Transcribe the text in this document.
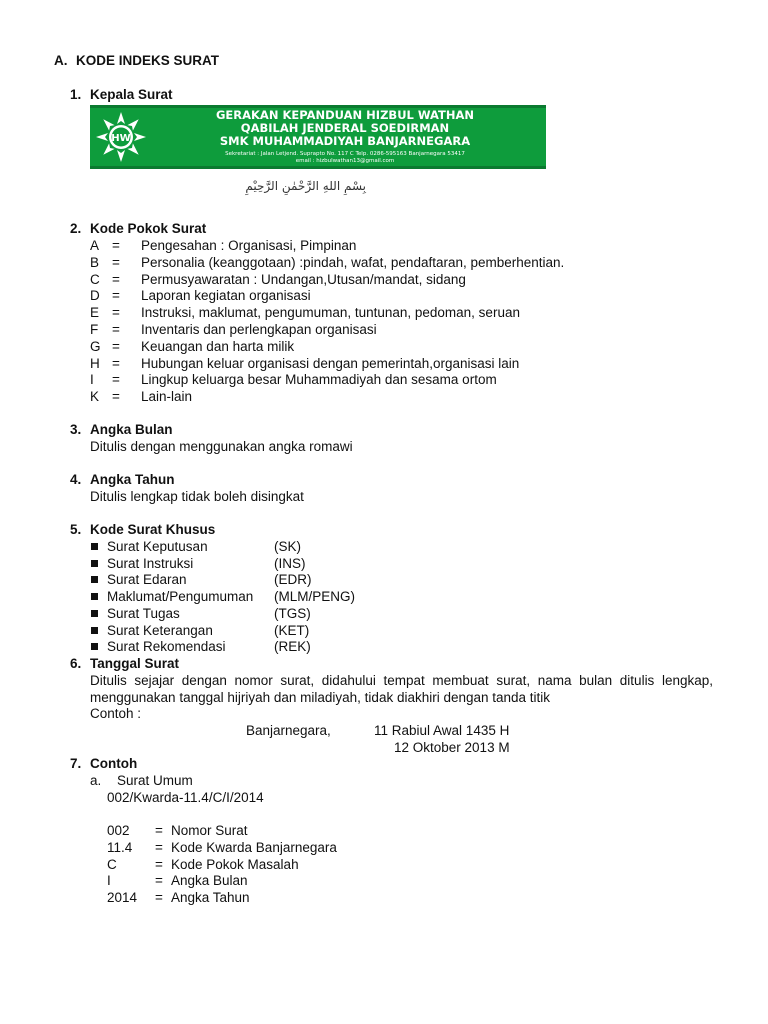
A. KODE INDEKS SURAT
1. Kepala Surat
HW
GERAKAN KEPANDUAN HIZBUL WATHAN
QABILAH JENDERAL SOEDIRMAN
SMK MUHAMMADIYAH BANJARNEGARA
Sekretariat : Jalan Letjend. Suprapto No. 117 C Telp. 0286-595163 Banjarnegara 53417
email : hizbulwathan13@gmail.com
بِسْمِ اللهِ الرَّحْمٰنِ الرَّحِيْمِ
2. Kode Pokok Surat
A = Pengesahan : Organisasi, Pimpinan
B = Personalia (keanggotaan) :pindah, wafat, pendaftaran, pemberhentian.
C = Permusyawaratan : Undangan,Utusan/mandat, sidang
D = Laporan kegiatan organisasi
E = Instruksi, maklumat, pengumuman, tuntunan, pedoman, seruan
F = Inventaris dan perlengkapan organisasi
G = Keuangan dan harta milik
H = Hubungan keluar organisasi dengan pemerintah,organisasi lain
I = Lingkup keluarga besar Muhammadiyah dan sesama ortom
K = Lain-lain
3. Angka Bulan
Ditulis dengan menggunakan angka romawi
4. Angka Tahun
Ditulis lengkap tidak boleh disingkat
5. Kode Surat Khusus
Surat Keputusan	(SK)
Surat Instruksi	(INS)
Surat Edaran	(EDR)
Maklumat/Pengumuman (MLM/PENG)
Surat Tugas	(TGS)
Surat Keterangan	(KET)
Surat Rekomendasi	(REK)
6. Tanggal Surat
Ditulis sejajar dengan nomor surat, didahului tempat membuat surat, nama bulan ditulis lengkap,
menggunakan tanggal hijriyah dan miladiyah, tidak diakhiri dengan tanda titik
Contoh :
Banjarnegara,	11 Rabiul Awal 1435 H
12 Oktober 2013 M
7. Contoh
a. Surat Umum
002/Kwarda-11.4/C/I/2014
002 = Nomor Surat
11.4 = Kode Kwarda Banjarnegara
C	= Kode Pokok Masalah
I	= Angka Bulan
2014 = Angka Tahun
